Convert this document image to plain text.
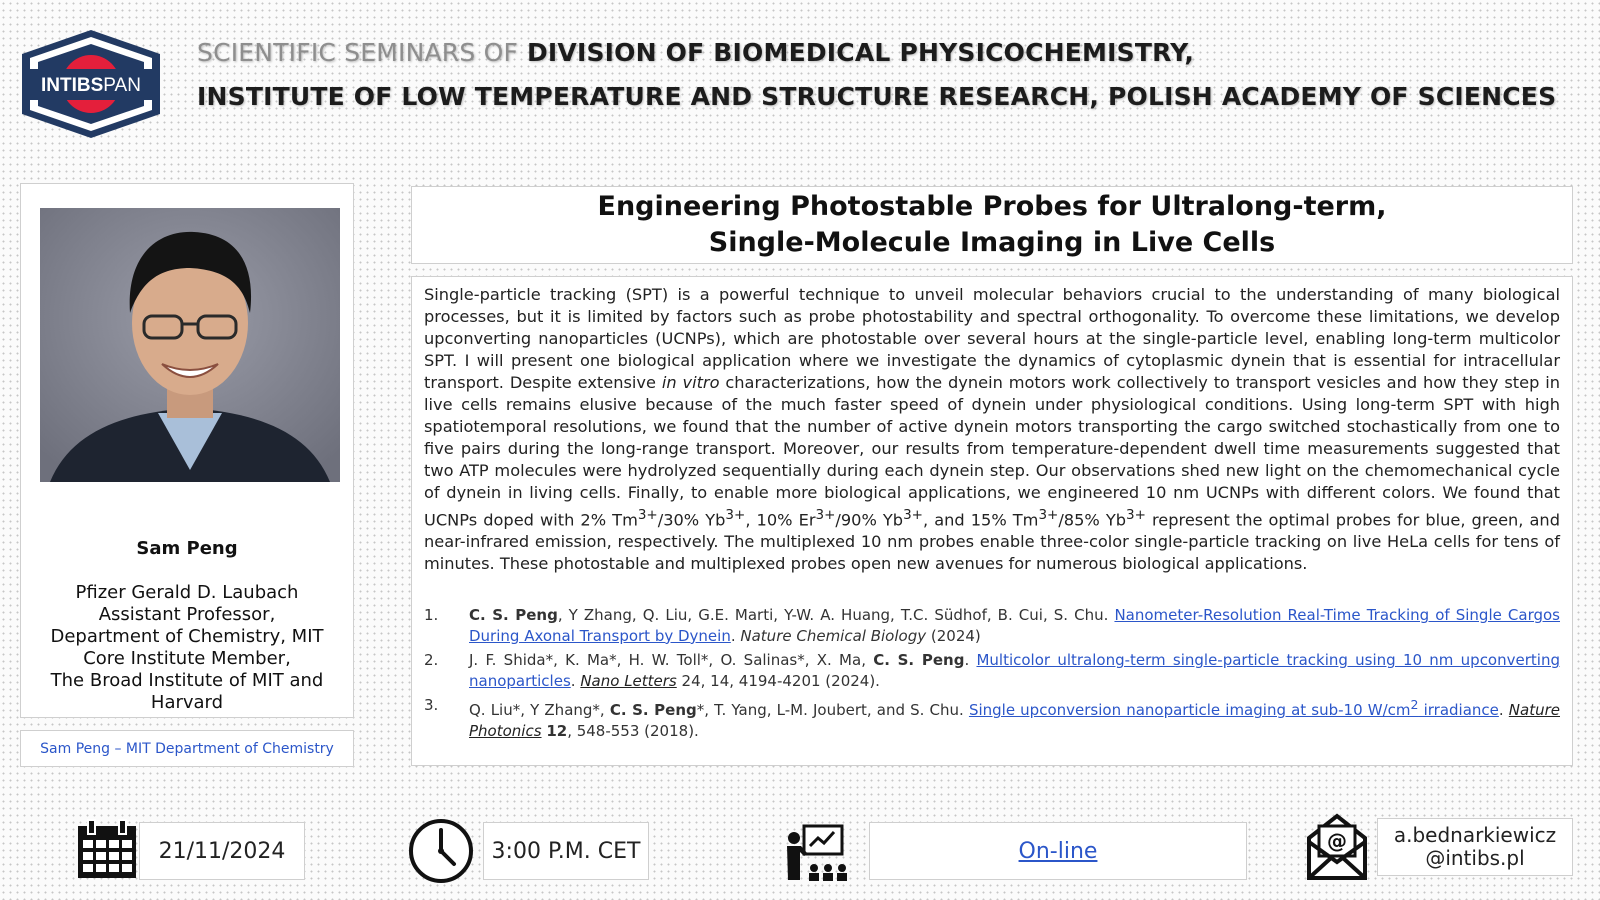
INTIBSPAN
SCIENTIFIC SEMINARS OF DIVISION OF BIOMEDICAL PHYSICOCHEMISTRY,
INSTITUTE OF LOW TEMPERATURE AND STRUCTURE RESEARCH, POLISH ACADEMY OF SCIENCES
Sam Peng
Pfizer Gerald D. Laubach
Assistant Professor,
Department of Chemistry, MIT
Core Institute Member,
The Broad Institute of MIT and
Harvard
Sam Peng – MIT Department of Chemistry
Engineering Photostable Probes for Ultralong-term,
Single-Molecule Imaging in Live Cells

Single-particle tracking (SPT) is a powerful technique to unveil molecular behaviors crucial to the understanding of many biological processes, but it is limited by factors such as probe photostability and spectral orthogonality. To overcome these limitations, we develop upconverting nanoparticles (UCNPs), which are photostable over several hours at the single-particle level, enabling long-term multicolor SPT. I will present one biological application where we investigate the dynamics of cytoplasmic dynein that is essential for intracellular transport. Despite extensive in vitro characterizations, how the dynein motors work collectively to transport vesicles and how they step in live cells remains elusive because of the much faster speed of dynein under physiological conditions. Using long-term SPT with high spatiotemporal resolutions, we found that the number of active dynein motors transporting the cargo switched stochastically from one to five pairs during the long-range transport. Moreover, our results from temperature-dependent dwell time measurements suggested that two ATP molecules were hydrolyzed sequentially during each dynein step. Our observations shed new light on the chemomechanical cycle of dynein in living cells. Finally, to enable more biological applications, we engineered 10 nm UCNPs with different colors. We found that UCNPs doped with 2% $Tm^{3+}/30\%$ $Yb^{3+}$, 10% $Er^{3+}/90\%$ $Yb^{3+}$, and 15% $Tm^{3+}/85\%$ $Yb^{3+}$ represent the optimal probes for blue, green, and near-infrared emission, respectively. The multiplexed 10 nm probes enable three-color single-particle tracking on live HeLa cells for tens of minutes. These photostable and multiplexed probes open new avenues for numerous biological applications.

1. C. S. Peng, Y Zhang, Q. Liu, G.E. Marti, Y-W. A. Huang, T.C. Südhof, B. Cui, S. Chu. Nanometer-Resolution Real-Time Tracking of Single Cargos During Axonal Transport by Dynein. Nature Chemical Biology (2024)
2. J. F. Shida*, K. Ma*, H. W. Toll*, O. Salinas*, X. Ma, C. S. Peng. Multicolor ultralong-term single-particle tracking using 10 nm upconverting nanoparticles. Nano Letters 24, 14, 4194-4201 (2024).
3. Q. Liu*, Y Zhang*, C. S. Peng*, T. Yang, L-M. Joubert, and S. Chu. Single upconversion nanoparticle imaging at sub-10 W/cm$^2$ irradiance. Nature Photonics 12, 548-553 (2018).
21/11/2024	3:00 P.M. CET	On-line	@ a.bednarkiewicz
@intibs.pl
